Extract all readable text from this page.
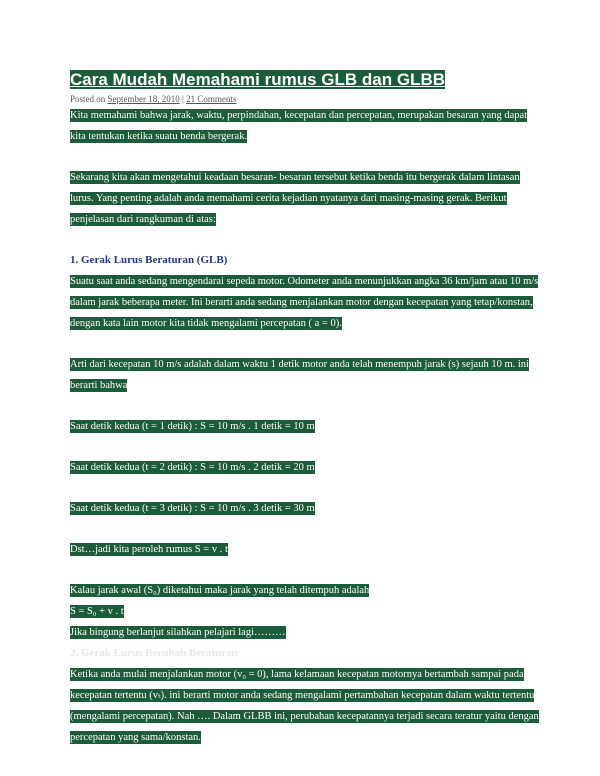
Cara Mudah Memahami rumus GLB dan GLBB
Posted on September 18, 2010 | 21 Comments

Kita memahami bahwa jarak, waktu, perpindahan, kecepatan dan percepatan, merupakan besaran yang dapat kita tentukan ketika suatu benda bergerak.

Sekarang kita akan mengetahui keadaan besaran- besaran tersebut ketika benda itu bergerak dalam lintasan lurus. Yang penting adalah anda memahami cerita kejadian nyatanya dari masing-masing gerak. Berikut penjelasan dari rangkuman di atas:

1. Gerak Lurus Beraturan (GLB)

Suatu saat anda sedang mengendarai sepeda motor. Odometer anda menunjukkan angka 36 km/jam atau 10 m/s dalam jarak beberapa meter. Ini berarti anda sedang menjalankan motor dengan kecepatan yang tetap/konstan, dengan kata lain motor kita tidak mengalami percepatan ( a = 0).

Arti dari kecepatan 10 m/s adalah dalam waktu 1 detik motor anda telah menempuh jarak (s) sejauh 10 m. ini berarti bahwa

Saat detik kedua (t = 1 detik) : S = 10 m/s . 1 detik = 10 m

Saat detik kedua (t = 2 detik) : S = 10 m/s . 2 detik = 20 m

Saat detik kedua (t = 3 detik) : S = 10 m/s . 3 detik = 30 m

Dst…jadi kita peroleh rumus S = v . t

Kalau jarak awal (S₀) diketahui maka jarak yang telah ditempuh adalah

S = S₀ + v . t

Jika bingung berlanjut silahkan pelajari lagi………

2. Gerak Lurus Berubah Beraturan

Ketika anda mulai menjalankan motor (v₀ = 0), lama kelamaan kecepatan motornya bertambah sampai pada kecepatan tertentu (vₜ). ini berarti motor anda sedang mengalami pertambahan kecepatan dalam waktu tertentu (mengalami percepatan). Nah …. Dalam GLBB ini, perubahan kecepatannya terjadi secara teratur yaitu dengan percepatan yang sama/konstan.
